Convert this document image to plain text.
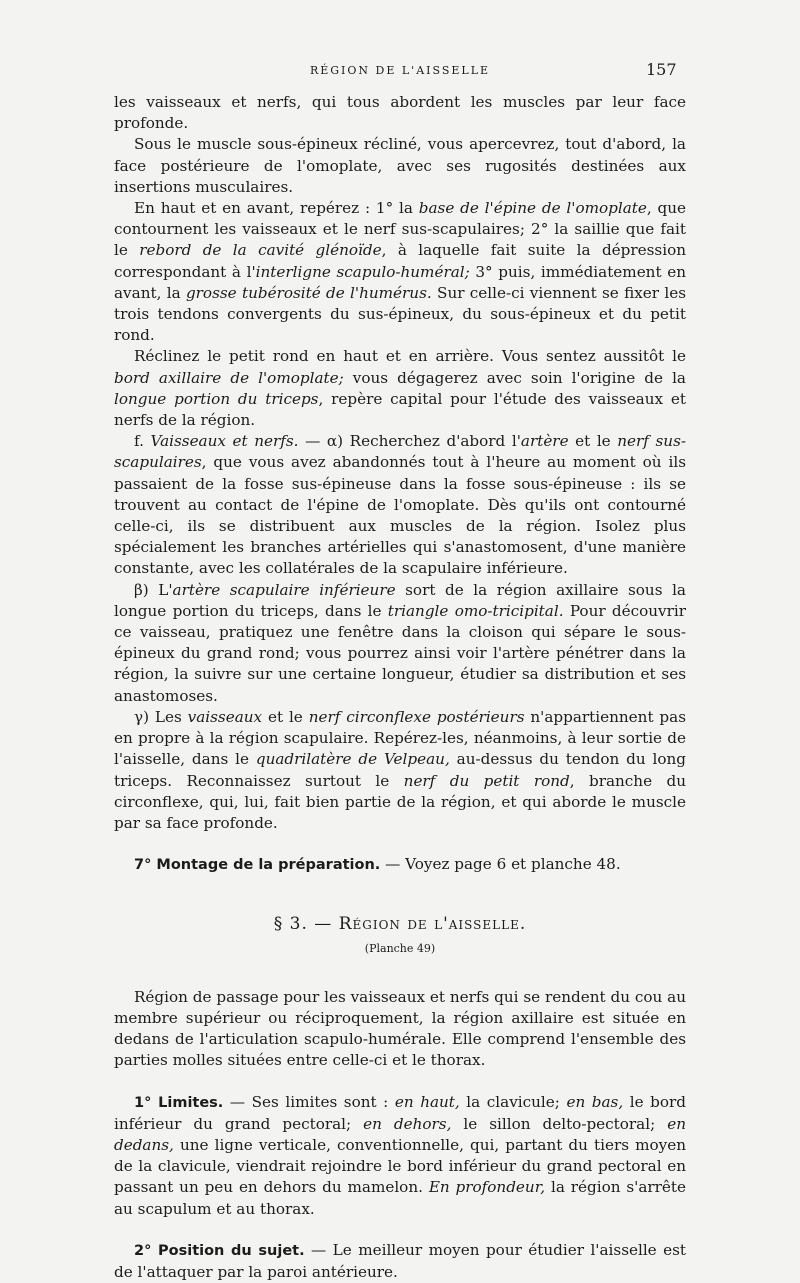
RÉGION DE L'AISSELLE	157

les vaisseaux et nerfs, qui tous abordent les muscles par leur face profonde.

Sous le muscle sous-épineux récliné, vous apercevrez, tout d'abord, la face postérieure de l'omoplate, avec ses rugosités destinées aux insertions musculaires.

En haut et en avant, repérez : 1° la base de l'épine de l'omoplate, que contournent les vaisseaux et le nerf sus-scapulaires; 2° la saillie que fait le rebord de la cavité glénoïde, à laquelle fait suite la dépression correspondant à l'interligne scapulo-huméral; 3° puis, immédiatement en avant, la grosse tubérosité de l'humérus. Sur celle-ci viennent se fixer les trois tendons convergents du sus-épineux, du sous-épineux et du petit rond.

Réclinez le petit rond en haut et en arrière. Vous sentez aussitôt le bord axillaire de l'omoplate; vous dégagerez avec soin l'origine de la longue portion du triceps, repère capital pour l'étude des vaisseaux et nerfs de la région.

f. Vaisseaux et nerfs. — α) Recherchez d'abord l'artère et le nerf sus-scapulaires, que vous avez abandonnés tout à l'heure au moment où ils passaient de la fosse sus-épineuse dans la fosse sous-épineuse : ils se trouvent au contact de l'épine de l'omoplate. Dès qu'ils ont contourné celle-ci, ils se distribuent aux muscles de la région. Isolez plus spécialement les branches artérielles qui s'anastomosent, d'une manière constante, avec les collatérales de la scapulaire inférieure.

β) L'artère scapulaire inférieure sort de la région axillaire sous la longue portion du triceps, dans le triangle omo-tricipital. Pour découvrir ce vaisseau, pratiquez une fenêtre dans la cloison qui sépare le sous-épineux du grand rond; vous pourrez ainsi voir l'artère pénétrer dans la région, la suivre sur une certaine longueur, étudier sa distribution et ses anastomoses.

γ) Les vaisseaux et le nerf circonflexe postérieurs n'appartiennent pas en propre à la région scapulaire. Repérez-les, néanmoins, à leur sortie de l'aisselle, dans le quadrilatère de Velpeau, au-dessus du tendon du long triceps. Reconnaissez surtout le nerf du petit rond, branche du circonflexe, qui, lui, fait bien partie de la région, et qui aborde le muscle par sa face profonde.

7° Montage de la préparation. — Voyez page 6 et planche 48.

§ 3. — Région de l'aisselle.
(Planche 49)

Région de passage pour les vaisseaux et nerfs qui se rendent du cou au membre supérieur ou réciproquement, la région axillaire est située en dedans de l'articulation scapulo-humérale. Elle comprend l'ensemble des parties molles situées entre celle-ci et le thorax.

1° Limites. — Ses limites sont : en haut, la clavicule; en bas, le bord inférieur du grand pectoral; en dehors, le sillon delto-pectoral; en dedans, une ligne verticale, conventionnelle, qui, partant du tiers moyen de la clavicule, viendrait rejoindre le bord inférieur du grand pectoral en passant un peu en dehors du mamelon. En profondeur, la région s'arrête au scapulum et au thorax.

2° Position du sujet. — Le meilleur moyen pour étudier l'aisselle est de l'attaquer par la paroi antérieure.
